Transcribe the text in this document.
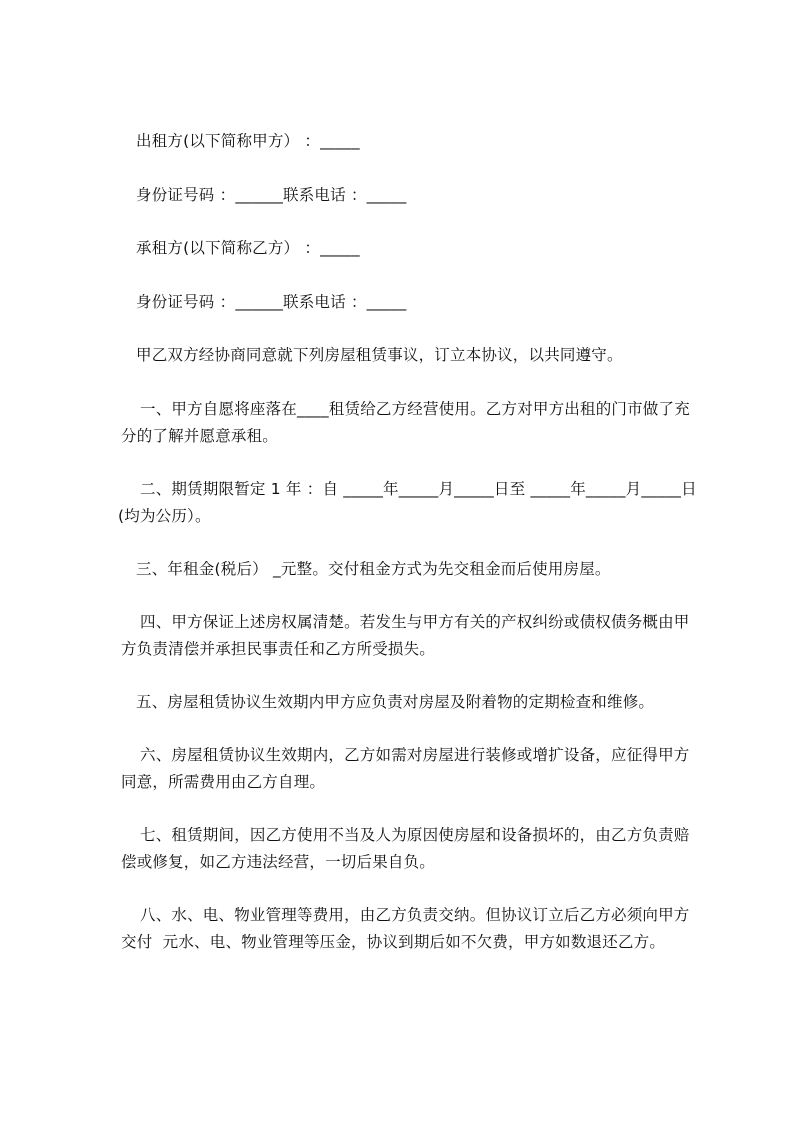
出租方(以下简称甲方） ：_____
身份证号码 ：______联系电话 ：_____
承租方(以下简称乙方） ：_____
身份证号码 ：______联系电话 ：_____
甲乙双方经协商同意就下列房屋租赁事议，订立本协议，以共同遵守。
一、甲方自愿将座落在____租赁给乙方经营使用。乙方对甲方出租的门市做了充
分的了解并愿意承租。
二、期赁期限暂定 1 年 ：自 _____年_____月_____日至 _____年_____月_____日
(均为公历）。
三、年租金(税后） _元整。交付租金方式为先交租金而后使用房屋。
四、甲方保证上述房权属清楚。若发生与甲方有关的产权纠纷或债权债务概由甲
方负责清偿并承担民事责任和乙方所受损失。
五、房屋租赁协议生效期内甲方应负责对房屋及附着物的定期检查和维修。
六、房屋租赁协议生效期内，乙方如需对房屋进行装修或增扩设备，应征得甲方
同意，所需费用由乙方自理。
七、租赁期间，因乙方使用不当及人为原因使房屋和设备损坏的，由乙方负责赔
偿或修复，如乙方违法经营，一切后果自负。
八、水、电、物业管理等费用，由乙方负责交纳。但协议订立后乙方必须向甲方
交付  元水、电、物业管理等压金，协议到期后如不欠费，甲方如数退还乙方。
